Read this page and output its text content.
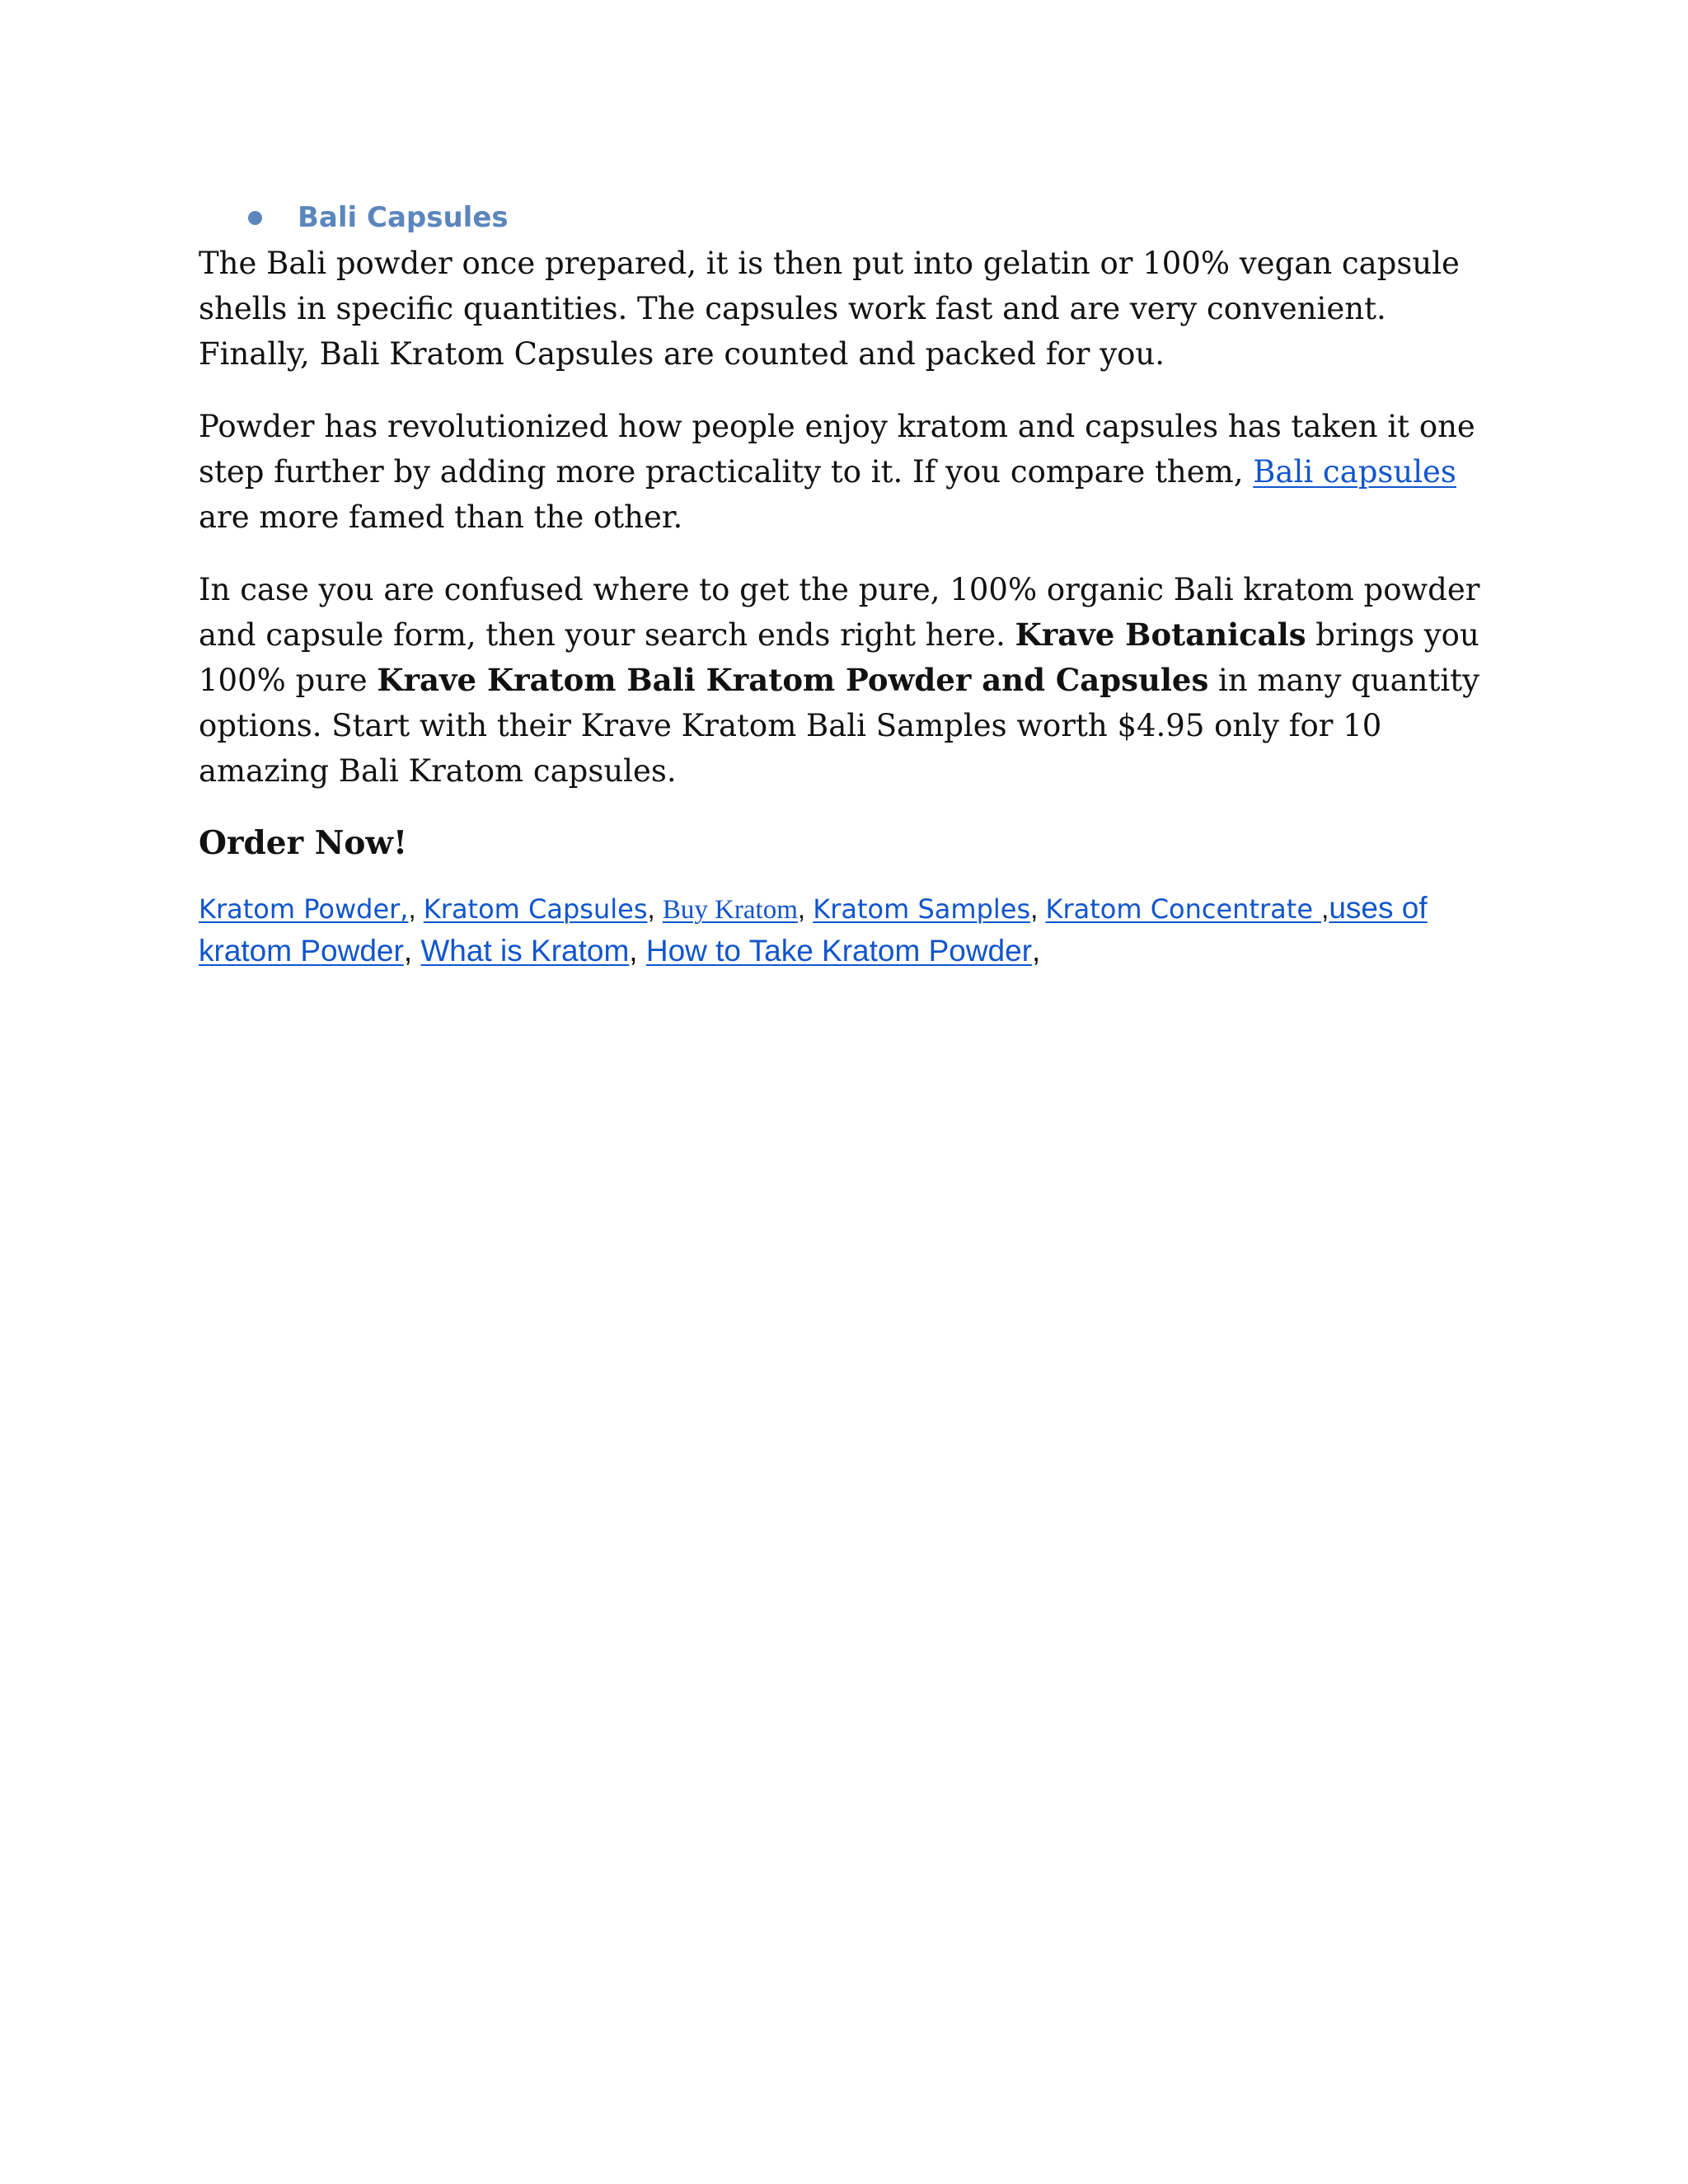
Bali Capsules

The Bali powder once prepared, it is then put into gelatin or 100% vegan capsule shells in specific quantities. The capsules work fast and are very convenient. Finally, Bali Kratom Capsules are counted and packed for you.

Powder has revolutionized how people enjoy kratom and capsules has taken it one step further by adding more practicality to it. If you compare them, Bali capsules are more famed than the other.

In case you are confused where to get the pure, 100% organic Bali kratom powder and capsule form, then your search ends right here. Krave Botanicals brings you 100% pure Krave Kratom Bali Kratom Powder and Capsules in many quantity options. Start with their Krave Kratom Bali Samples worth $4.95 only for 10 amazing Bali Kratom capsules.

Order Now!

Kratom Powder,, Kratom Capsules, Buy Kratom, Kratom Samples, Kratom Concentrate ,uses of kratom Powder, What is Kratom, How to Take Kratom Powder,
